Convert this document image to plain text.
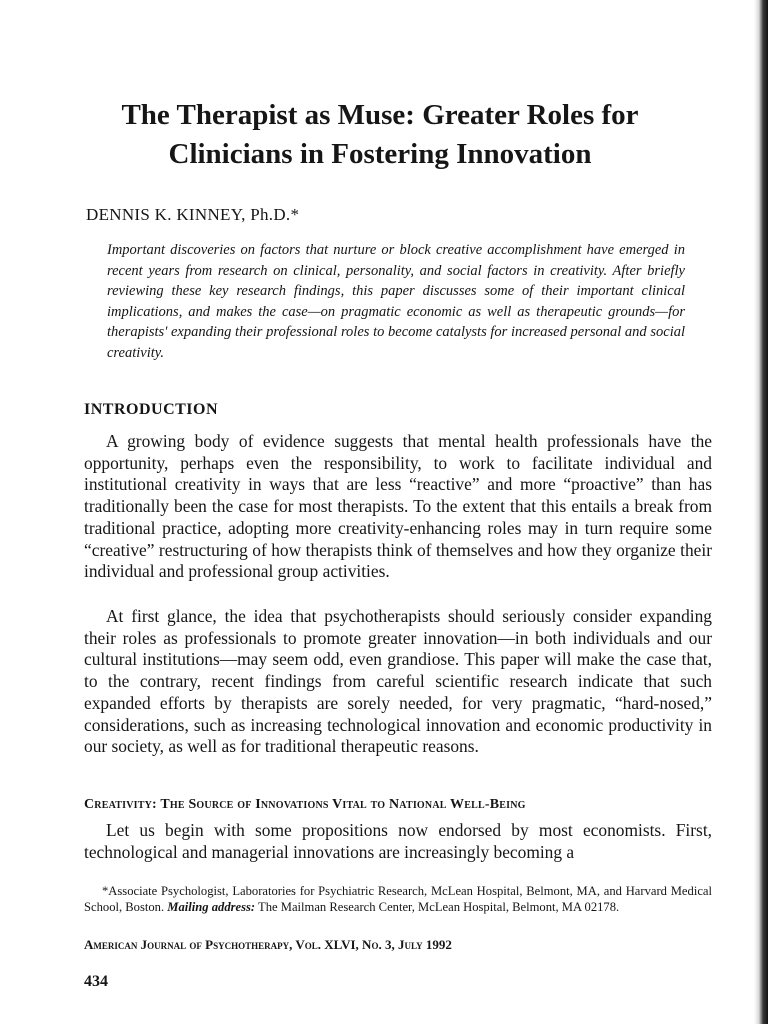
The Therapist as Muse: Greater Roles for
Clinicians in Fostering Innovation
DENNIS K. KINNEY, Ph.D.*

Important discoveries on factors that nurture or block creative accomplishment have emerged in recent years from research on clinical, personality, and social factors in creativity. After briefly reviewing these key research findings, this paper discusses some of their important clinical implications, and makes the case—on pragmatic economic as well as therapeutic grounds—for therapists' expanding their professional roles to become catalysts for increased personal and social creativity.

INTRODUCTION

A growing body of evidence suggests that mental health professionals have the opportunity, perhaps even the responsibility, to work to facilitate individual and institutional creativity in ways that are less “reactive” and more “proactive” than has traditionally been the case for most therapists. To the extent that this entails a break from traditional practice, adopting more creativity-enhancing roles may in turn require some “creative” restructuring of how therapists think of themselves and how they organize their individual and professional group activities.

At first glance, the idea that psychotherapists should seriously consider expanding their roles as professionals to promote greater innovation—in both individuals and our cultural institutions—may seem odd, even grandiose. This paper will make the case that, to the contrary, recent findings from careful scientific research indicate that such expanded efforts by therapists are sorely needed, for very pragmatic, “hard-nosed,” considerations, such as increasing technological innovation and economic productivity in our society, as well as for traditional therapeutic reasons.

Creativity: The Source of Innovations Vital to National Well-Being

Let us begin with some propositions now endorsed by most economists. First, technological and managerial innovations are increasingly becoming a

*Associate Psychologist, Laboratories for Psychiatric Research, McLean Hospital, Belmont, MA, and Harvard Medical School, Boston. Mailing address: The Mailman Research Center, McLean Hospital, Belmont, MA 02178.

American Journal of Psychotherapy, Vol. XLVI, No. 3, July 1992

434
